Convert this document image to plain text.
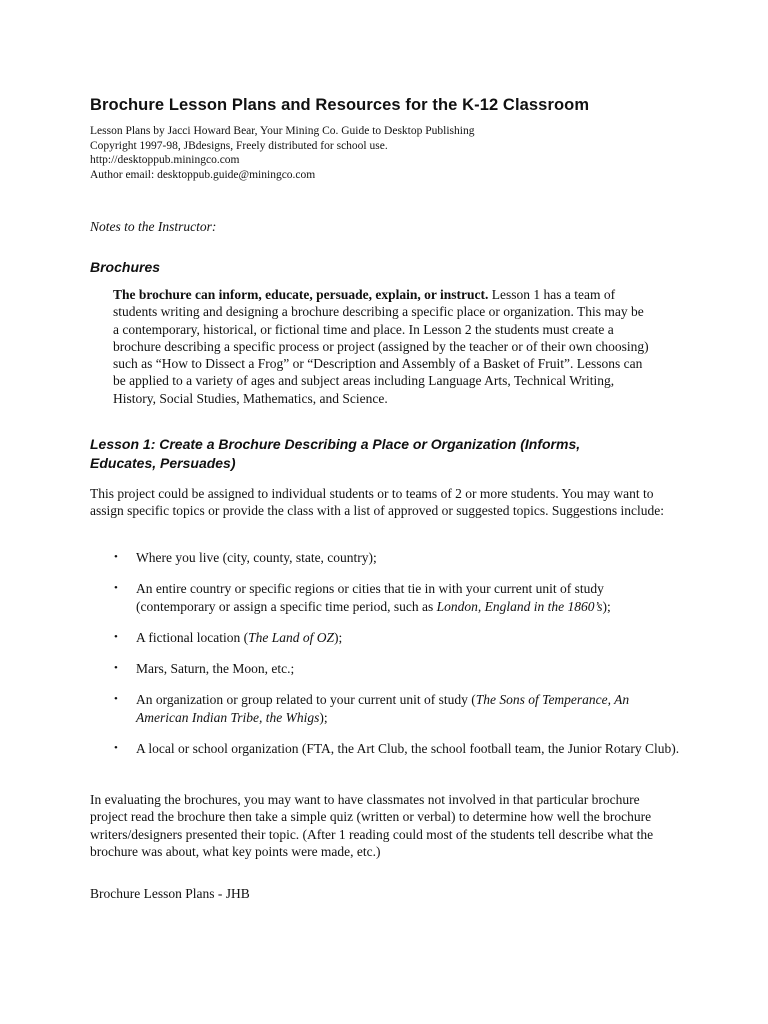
Brochure Lesson Plans and Resources for the K-12 Classroom
Lesson Plans by Jacci Howard Bear, Your Mining Co. Guide to Desktop Publishing
Copyright 1997-98, JBdesigns, Freely distributed for school use.
http://desktoppub.miningco.com
Author email: desktoppub.guide@miningco.com
Notes to the Instructor:
Brochures
The brochure can inform, educate, persuade, explain, or instruct. Lesson 1 has a team of students writing and designing a brochure describing a specific place or organization. This may be a contemporary, historical, or fictional time and place. In Lesson 2 the students must create a brochure describing a specific process or project (assigned by the teacher or of their own choosing) such as “How to Dissect a Frog” or “Description and Assembly of a Basket of Fruit”. Lessons can be applied to a variety of ages and subject areas including Language Arts, Technical Writing, History, Social Studies, Mathematics, and Science.
Lesson 1: Create a Brochure Describing a Place or Organization (Informs, Educates, Persuades)
This project could be assigned to individual students or to teams of 2 or more students. You may want to assign specific topics or provide the class with a list of approved or suggested topics. Suggestions include:
• Where you live (city, county, state, country);
• An entire country or specific regions or cities that tie in with your current unit of study (contemporary or assign a specific time period, such as London, England in the 1860’s);
• A fictional location (The Land of OZ);
• Mars, Saturn, the Moon, etc.;
• An organization or group related to your current unit of study (The Sons of Temperance, An American Indian Tribe, the Whigs);
• A local or school organization (FTA, the Art Club, the school football team, the Junior Rotary Club).
In evaluating the brochures, you may want to have classmates not involved in that particular brochure project read the brochure then take a simple quiz (written or verbal) to determine how well the brochure writers/designers presented their topic. (After 1 reading could most of the students tell describe what the brochure was about, what key points were made, etc.)
Brochure Lesson Plans - JHB
